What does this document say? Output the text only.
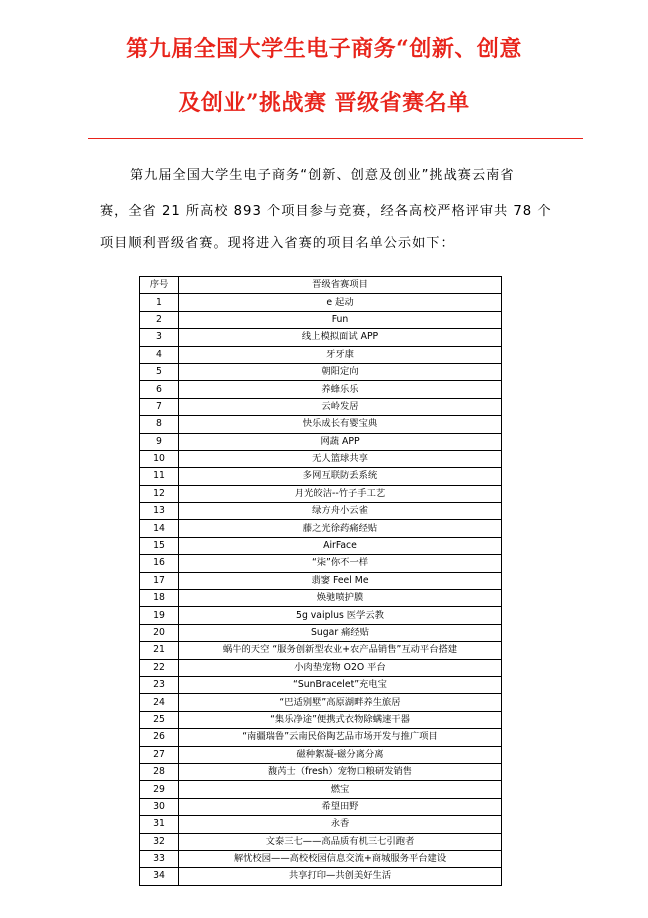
第九届全国大学生电子商务“创新、创意
及创业”挑战赛 晋级省赛名单
第九届全国大学生电子商务“创新、创意及创业”挑战赛云南省
赛，全省 21 所高校 893 个项目参与竞赛，经各高校严格评审共 78 个
项目顺利晋级省赛。现将进入省赛的项目名单公示如下：
序号	晋级省赛项目
1	e 起动
2	Fun
3	线上模拟面试 APP
4	牙牙康
5	朝阳定向
6	养蜂乐乐
7	云岭发居
8	快乐成长有婴宝典
9	网蔬 APP
10	无人篮球共享
11	多网互联防丢系统
12	月光皎洁--竹子手工艺
13	绿方舟小云雀
14	藤之光徐药痛经贴
15	AirFace
16	“柒”你不一样
17	翡窭 Feel Me
18	焕驰喷护膜
19	5g vaiplus 医学云教
20	Sugar 痛经贴
21	蜗牛的天空 “服务创新型农业+农产品销售”互动平台搭建
22	小肉垫宠物 O2O 平台
23	“SunBracelet”充电宝
24	“巴适别墅”高原湖畔养生旅居
25	“集乐净途”便携式衣物除螨速干器
26	“南疆瑞鲁”云南民俗陶艺品市场开发与推广项目
27	磁种絮凝-磁分离分离
28	馥芮士（fresh）宠物口粮研发销售
29	燃宝
30	希望田野
31	永香
32	文泰三七——高品质有机三七引跑者
33	解忧校园——高校校园信息交流+商城服务平台建设
34	共享打印—共创美好生活
